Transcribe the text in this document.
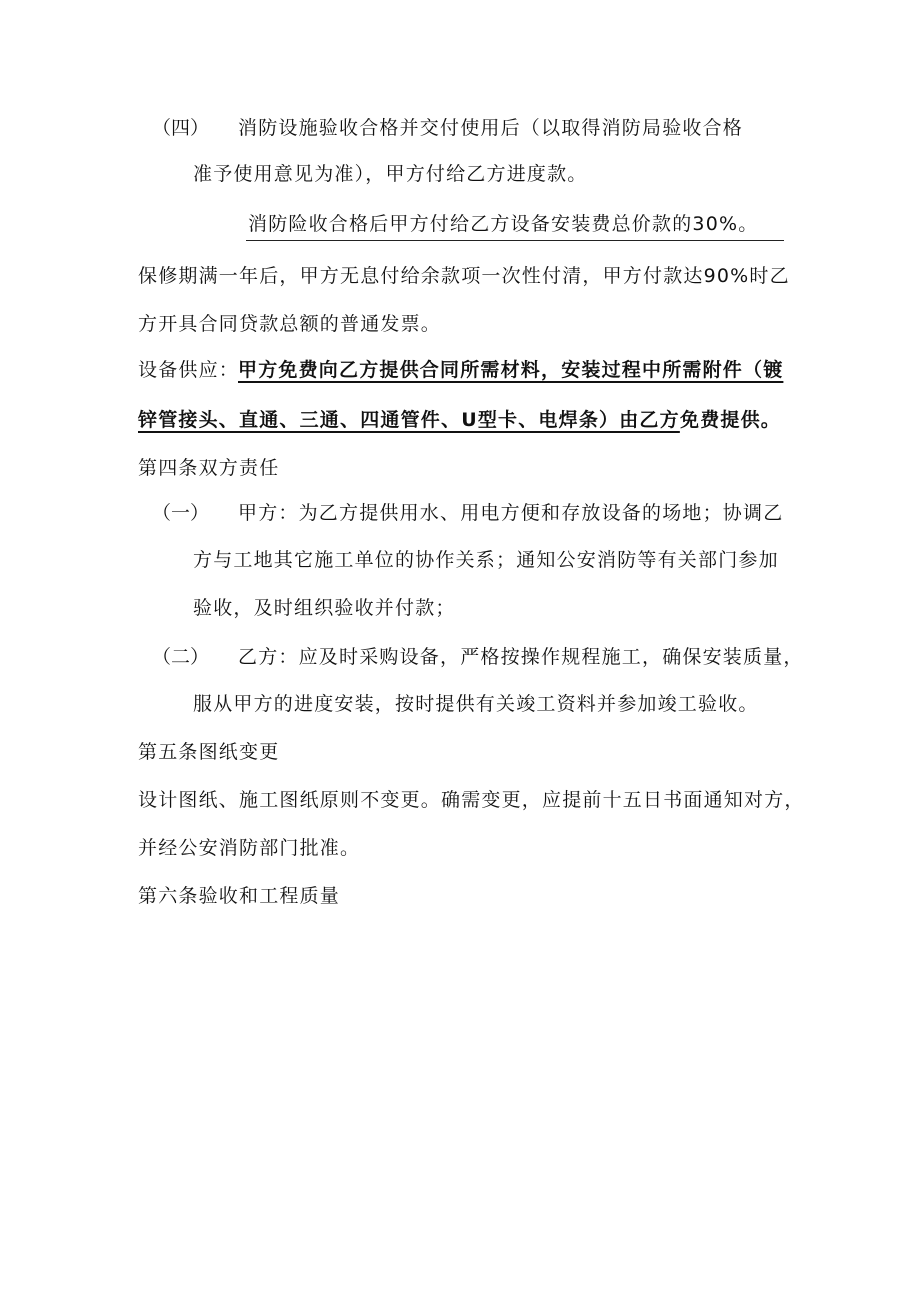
（四） 消防设施验收合格并交付使用后（以取得消防局验收合格
准予使用意见为准），甲方付给乙方进度款。
消防险收合格后甲方付给乙方设备安装费总价款的30%。
保修期满一年后，甲方无息付给余款项一次性付清，甲方付款达90%时乙
方开具合同贷款总额的普通发票。
设备供应：
甲方免费向乙方提供合同所需材料，安装过程中所需附件（镀
锌管接头、直通、三通、四通管件、U型卡、电焊条）由乙方 免费提供。
第四条双方责任
（一） 甲方：为乙方提供用水、用电方便和存放设备的场地；协调乙
方与工地其它施工单位的协作关系；通知公安消防等有关部门参加
验收，及时组织验收并付款；
（二） 乙方：应及时采购设备，严格按操作规程施工，确保安装质量，
服从甲方的进度安装，按时提供有关竣工资料并参加竣工验收。
第五条图纸变更
设计图纸、施工图纸原则不变更。确需变更，应提前十五日书面通知对方，
并经公安消防部门批准。
第六条验收和工程质量
